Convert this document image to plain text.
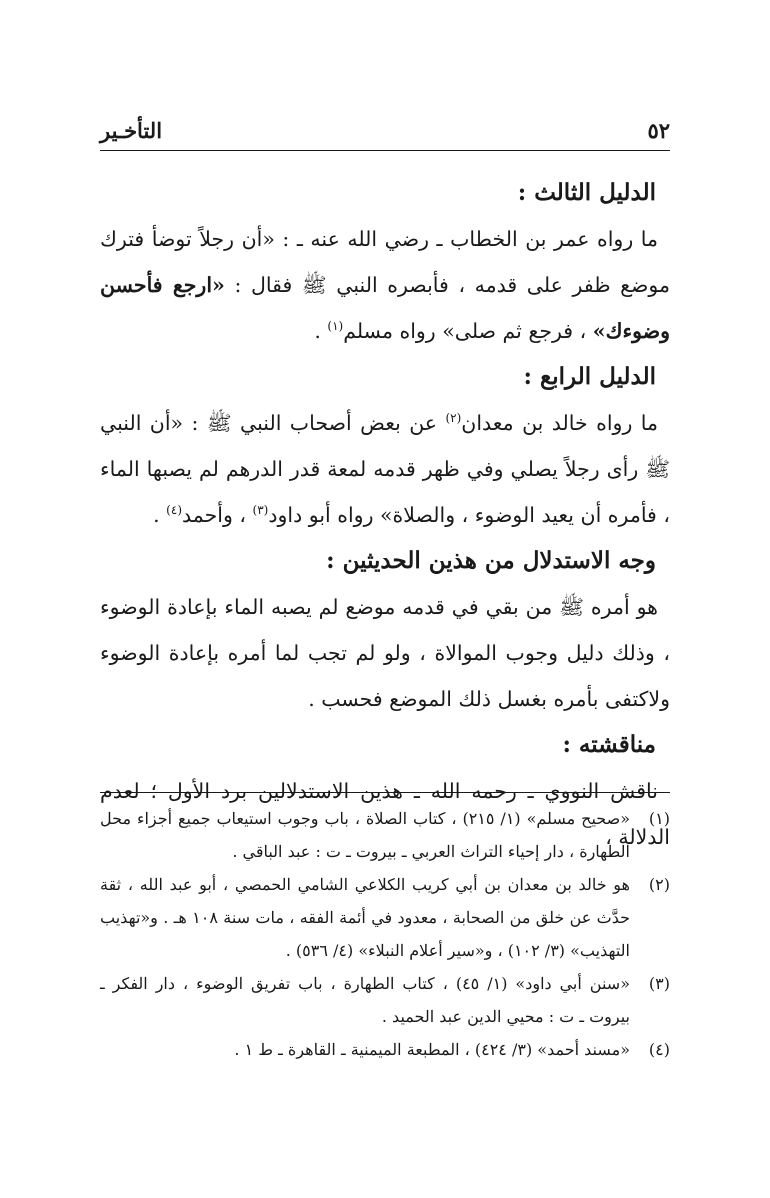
٥٢
التأخـير
الدليل الثالث :

ما رواه عمر بن الخطاب ـ رضي الله عنه ـ : «أن رجلاً توضأ فترك موضع ظفر على قدمه ، فأبصره النبي ﷺ فقال : «ارجع فأحسن وضوءك» ، فرجع ثم صلى» رواه مسلم$^{(١)}$ .

الدليل الرابع :

ما رواه خالد بن معدان$^{(٢)}$ عن بعض أصحاب النبي ﷺ : «أن النبي ﷺ رأى رجلاً يصلي وفي ظهر قدمه لمعة قدر الدرهم لم يصبها الماء ، فأمره أن يعيد الوضوء ، والصلاة» رواه أبو داود$^{(٣)}$ ، وأحمد$^{(٤)}$ .

وجه الاستدلال من هذين الحديثين :

هو أمره ﷺ من بقي في قدمه موضع لم يصبه الماء بإعادة الوضوء ، وذلك دليل وجوب الموالاة ، ولو لم تجب لما أمره بإعادة الوضوء ولاكتفى بأمره بغسل ذلك الموضع فحسب .

مناقشته :

ناقش النووي ـ رحمه الله ـ هذين الاستدلالين برد الأول ؛ لعدم الدلالة ،

(١)
«صحيح مسلم» (١/ ٢١٥) ، كتاب الصلاة ، باب وجوب استيعاب جميع أجزاء محل الطهارة ، دار إحياء التراث العربي ـ بيروت ـ ت : عبد الباقي .
(٢)
هو خالد بن معدان بن أبي كريب الكلاعي الشامي الحمصي ، أبو عبد الله ، ثقة حدَّث عن خلق من الصحابة ، معدود في أئمة الفقه ، مات سنة ١٠٨ هـ . و«تهذيب التهذيب» (٣/ ١٠٢) ، و«سير أعلام النبلاء» (٤/ ٥٣٦) .
(٣)
«سنن أبي داود» (١/ ٤٥) ، كتاب الطهارة ، باب تفريق الوضوء ، دار الفكر ـ بيروت ـ ت : محيي الدين عبد الحميد .
(٤)
«مسند أحمد» (٣/ ٤٢٤) ، المطبعة الميمنية ـ القاهرة ـ ط ١ .
